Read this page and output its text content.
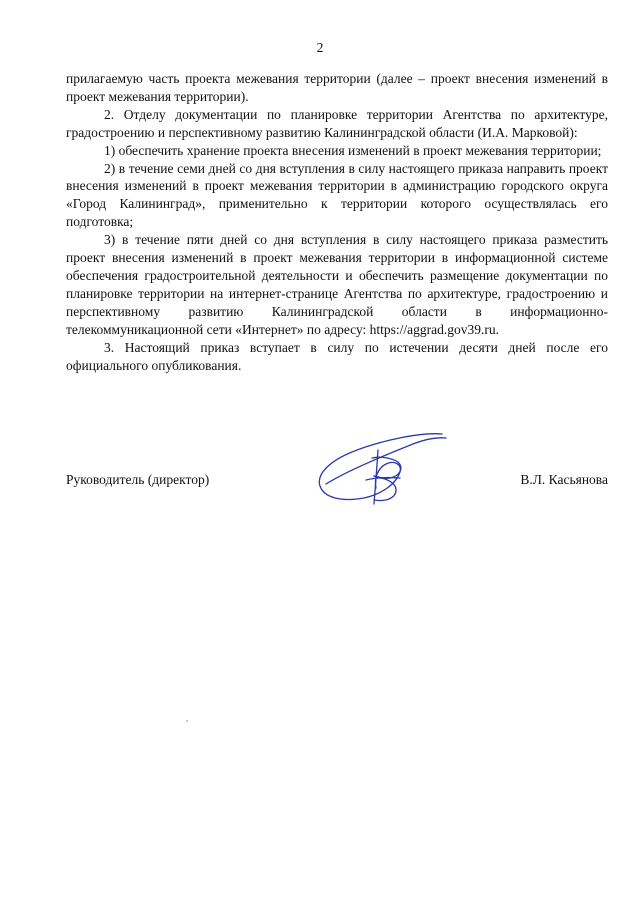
2

прилагаемую часть проекта межевания территории (далее – проект внесения изменений в проект межевания территории).

2. Отделу документации по планировке территории Агентства по архитектуре, градостроению и перспективному развитию Калининградской области (И.А. Марковой):

1) обеспечить хранение проекта внесения изменений в проект межевания территории;

2) в течение семи дней со дня вступления в силу настоящего приказа направить проект внесения изменений в проект межевания территории в администрацию городского округа «Город Калининград», применительно к территории которого осуществлялась его подготовка;

3) в течение пяти дней со дня вступления в силу настоящего приказа разместить проект внесения изменений в проект межевания территории в информационной системе обеспечения градостроительной деятельности и обеспечить размещение документации по планировке территории на интернет-странице Агентства по архитектуре, градостроению и перспективному развитию Калининградской области в информационно-телекоммуникационной сети «Интернет» по адресу: https://aggrad.gov39.ru.

3. Настоящий приказ вступает в силу по истечении десяти дней после его официального опубликования.

Руководитель (директор)	В.Л. Касьянова
